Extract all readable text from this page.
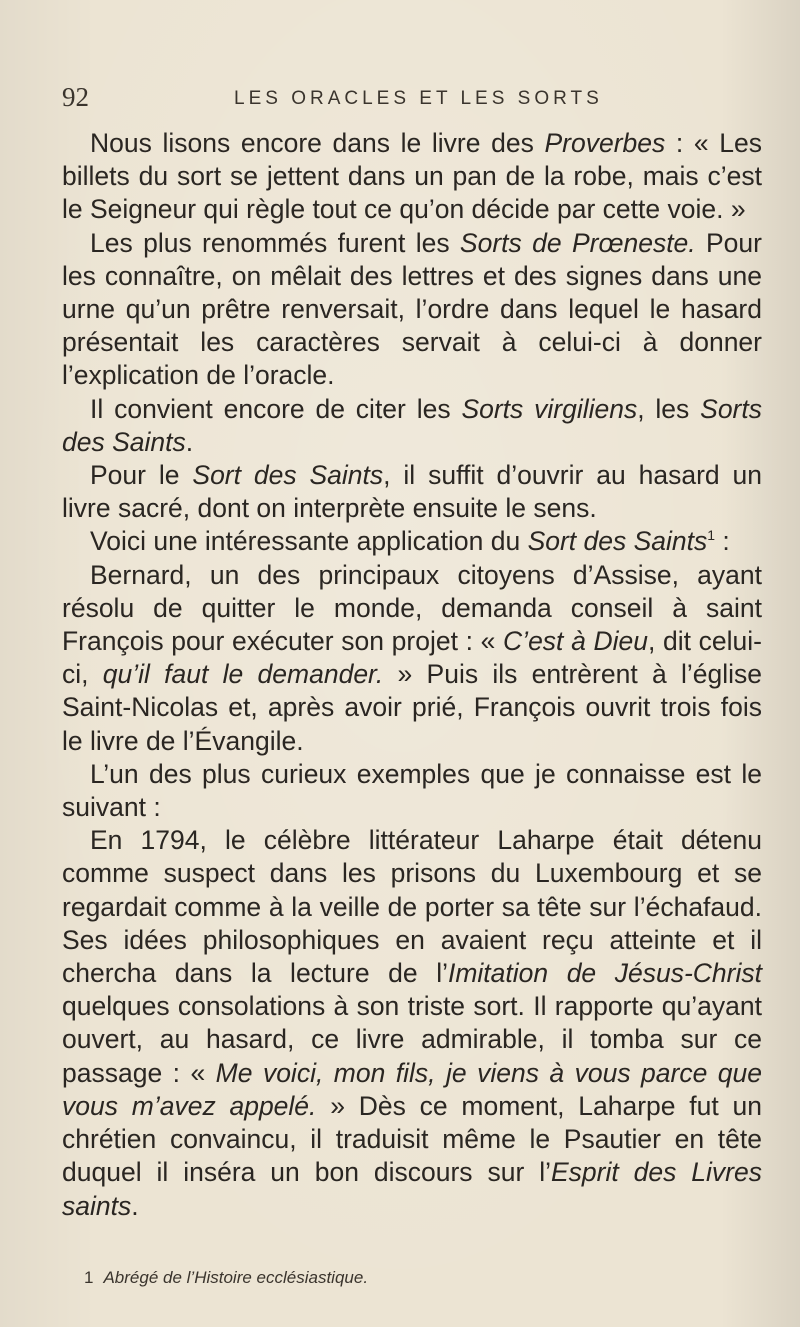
92	LES ORACLES ET LES SORTS

Nous lisons encore dans le livre des Proverbes : « Les billets du sort se jettent dans un pan de la robe, mais c’est le Seigneur qui règle tout ce qu’on décide par cette voie. »

Les plus renommés furent les Sorts de Prœneste. Pour les connaître, on mêlait des lettres et des signes dans une urne qu’un prêtre renversait, l’ordre dans lequel le hasard présentait les caractères servait à celui-ci à donner l’explication de l’oracle.

Il convient encore de citer les Sorts virgiliens, les Sorts des Saints.

Pour le Sort des Saints, il suffit d’ouvrir au hasard un livre sacré, dont on interprète ensuite le sens.

Voici une intéressante application du Sort des Saints$^1$ :

Bernard, un des principaux citoyens d’Assise, ayant résolu de quitter le monde, demanda conseil à saint François pour exécuter son projet : « C’est à Dieu, dit celui-ci, qu’il faut le demander. » Puis ils entrèrent à l’église Saint-Nicolas et, après avoir prié, François ouvrit trois fois le livre de l’Évangile.

L’un des plus curieux exemples que je connaisse est le suivant :

En 1794, le célèbre littérateur Laharpe était détenu comme suspect dans les prisons du Luxembourg et se regardait comme à la veille de porter sa tête sur l’échafaud. Ses idées philosophiques en avaient reçu atteinte et il chercha dans la lecture de l’Imitation de Jésus-Christ quelques consolations à son triste sort. Il rapporte qu’ayant ouvert, au hasard, ce livre admirable, il tomba sur ce passage : « Me voici, mon fils, je viens à vous parce que vous m’avez appelé. » Dès ce moment, Laharpe fut un chrétien convaincu, il traduisit même le Psautier en tête duquel il inséra un bon discours sur l’Esprit des Livres saints.

1 Abrégé de l’Histoire ecclésiastique.
